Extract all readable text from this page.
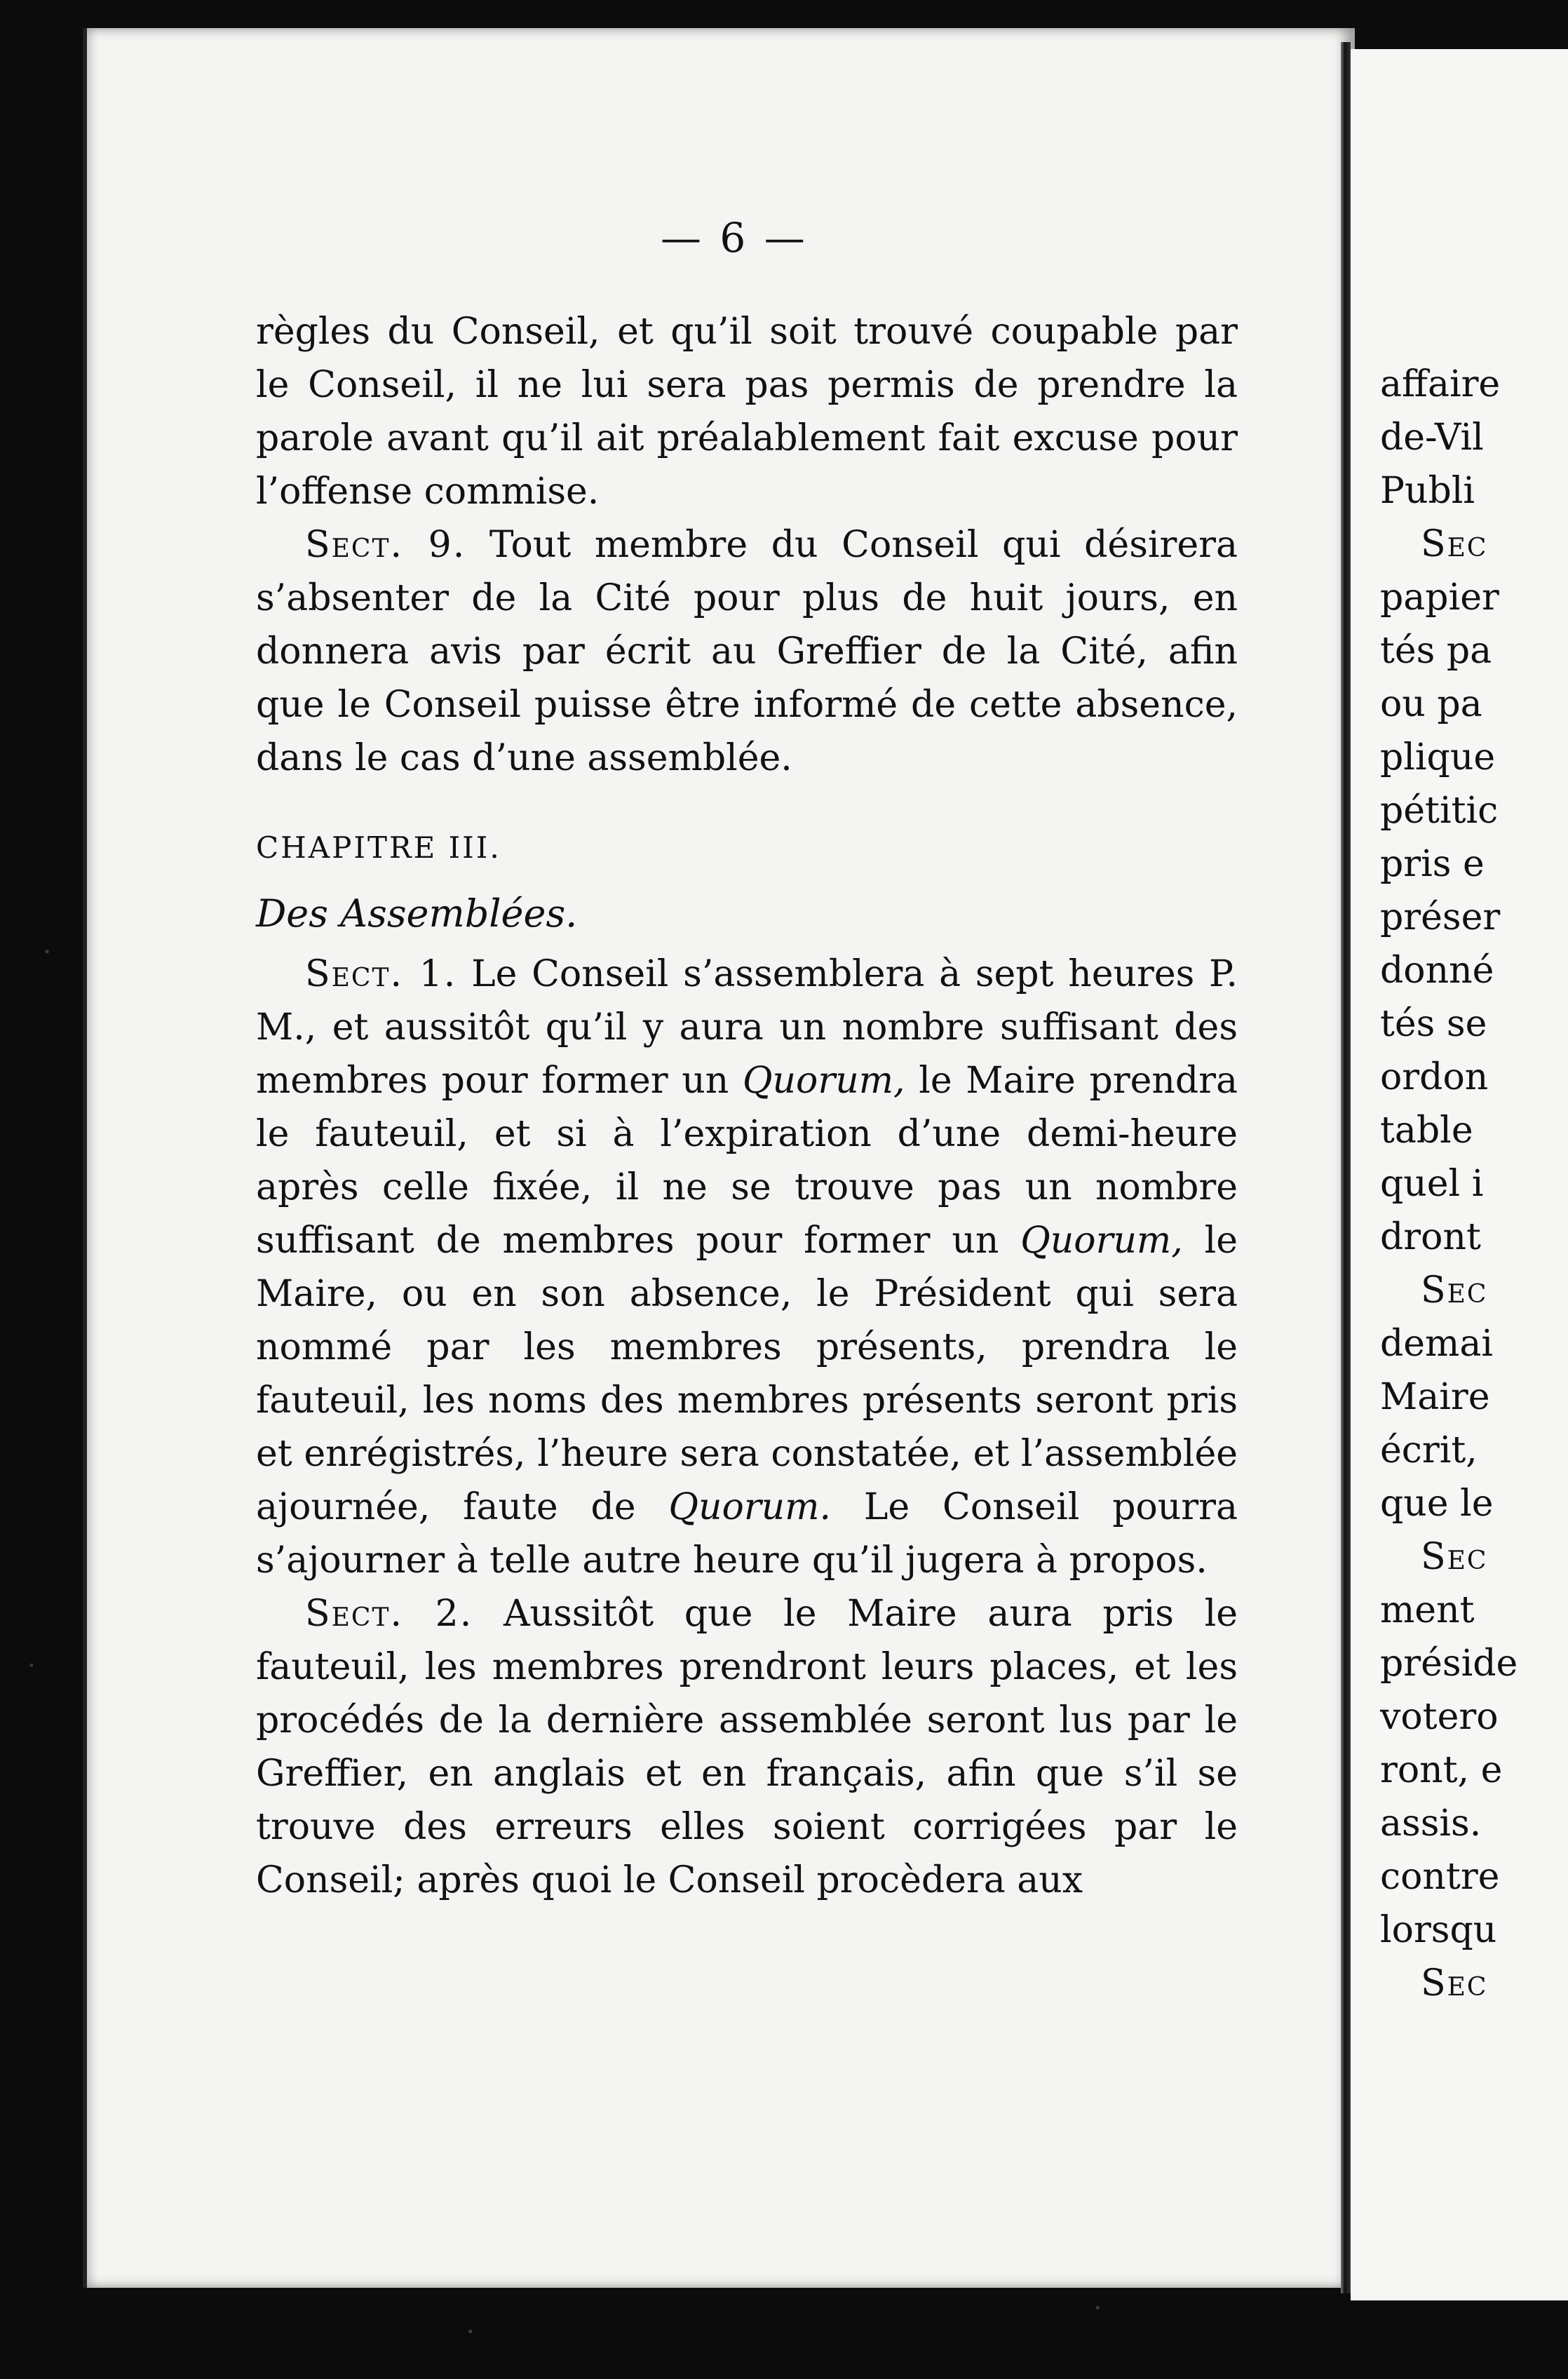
affaire
de-Vil
Publi
Sec
papier
tés pa
ou pa
plique
pétitic
pris e
préser
donné
tés se
ordon
table
quel i
dront
Sec
demai
Maire
écrit,
que le
Sec
ment
préside
votero
ront, e
assis.
contre
lorsqu
Sec
— 6 —

règles du Conseil, et qu’il soit trouvé coupable par le Conseil, il ne lui sera pas permis de prendre la parole avant qu’il ait préalablement fait excuse pour l’offense commise.

Sect. 9. Tout membre du Conseil qui désirera s’absenter de la Cité pour plus de huit jours, en donnera avis par écrit au Greffier de la Cité, afin que le Conseil puisse être informé de cette absence, dans le cas d’une assemblée.

CHAPITRE III.

Des Assemblées.

Sect. 1. Le Conseil s’assemblera à sept heures P. M., et aussitôt qu’il y aura un nombre suffisant des membres pour former un Quorum, le Maire prendra le fauteuil, et si à l’expiration d’une demi-heure après celle fixée, il ne se trouve pas un nombre suffisant de membres pour former un Quorum, le Maire, ou en son absence, le Président qui sera nommé par les membres présents, prendra le fauteuil, les noms des membres présents seront pris et enrégistrés, l’heure sera constatée, et l’assemblée ajournée, faute de Quorum. Le Conseil pourra s’ajourner à telle autre heure qu’il jugera à propos.

Sect. 2. Aussitôt que le Maire aura pris le fauteuil, les membres prendront leurs places, et les procédés de la dernière assemblée seront lus par le Greffier, en anglais et en français, afin que s’il se trouve des erreurs elles soient corrigées par le Conseil; après quoi le Conseil procèdera aux
